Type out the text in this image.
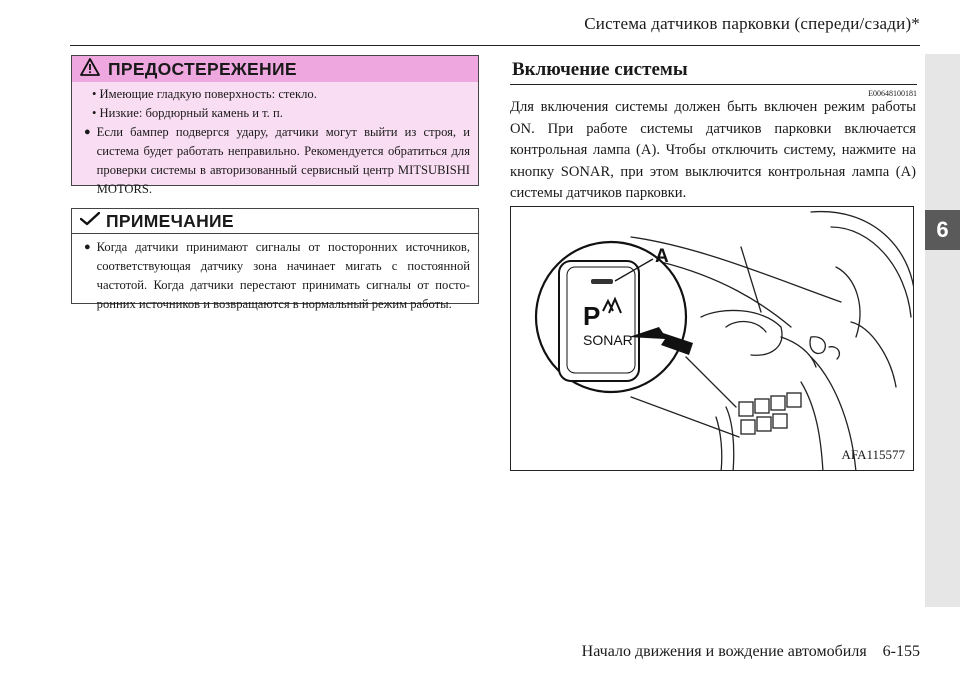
Система датчиков парковки (спереди/сзади)*
6
ПРЕДОСТЕРЕЖЕНИЕ
• Имеющие гладкую поверхность: стекло.
• Низкие: бордюрный камень и т. п.
● Если бампер подвергся удару, датчики могут выйти из строя, и система будет работать неправильно. Рекомендуется обратиться для проверки системы в авторизованный сервисный центр MITSUBISHI MOTORS.
ПРИМЕЧАНИЕ
● Когда датчики принимают сигналы от посторонних источников, соответствующая датчику зона начинает мигать с постоянной частотой. Когда датчики перестают принимать сигналы от посто-ронних источников и возвращаются в нормальный режим работы.
Включение системы
E00648100181
Для включения системы должен быть включен режим работы ON. При работе системы датчиков парковки включается контрольная лампа (A). Чтобы отключить систему, нажмите на кнопку SONAR, при этом выключится контрольная лампа (A) системы датчиков парковки.
P
SONAR
A
AFA115577
Начало движения и вождение автомобиля    6-155
